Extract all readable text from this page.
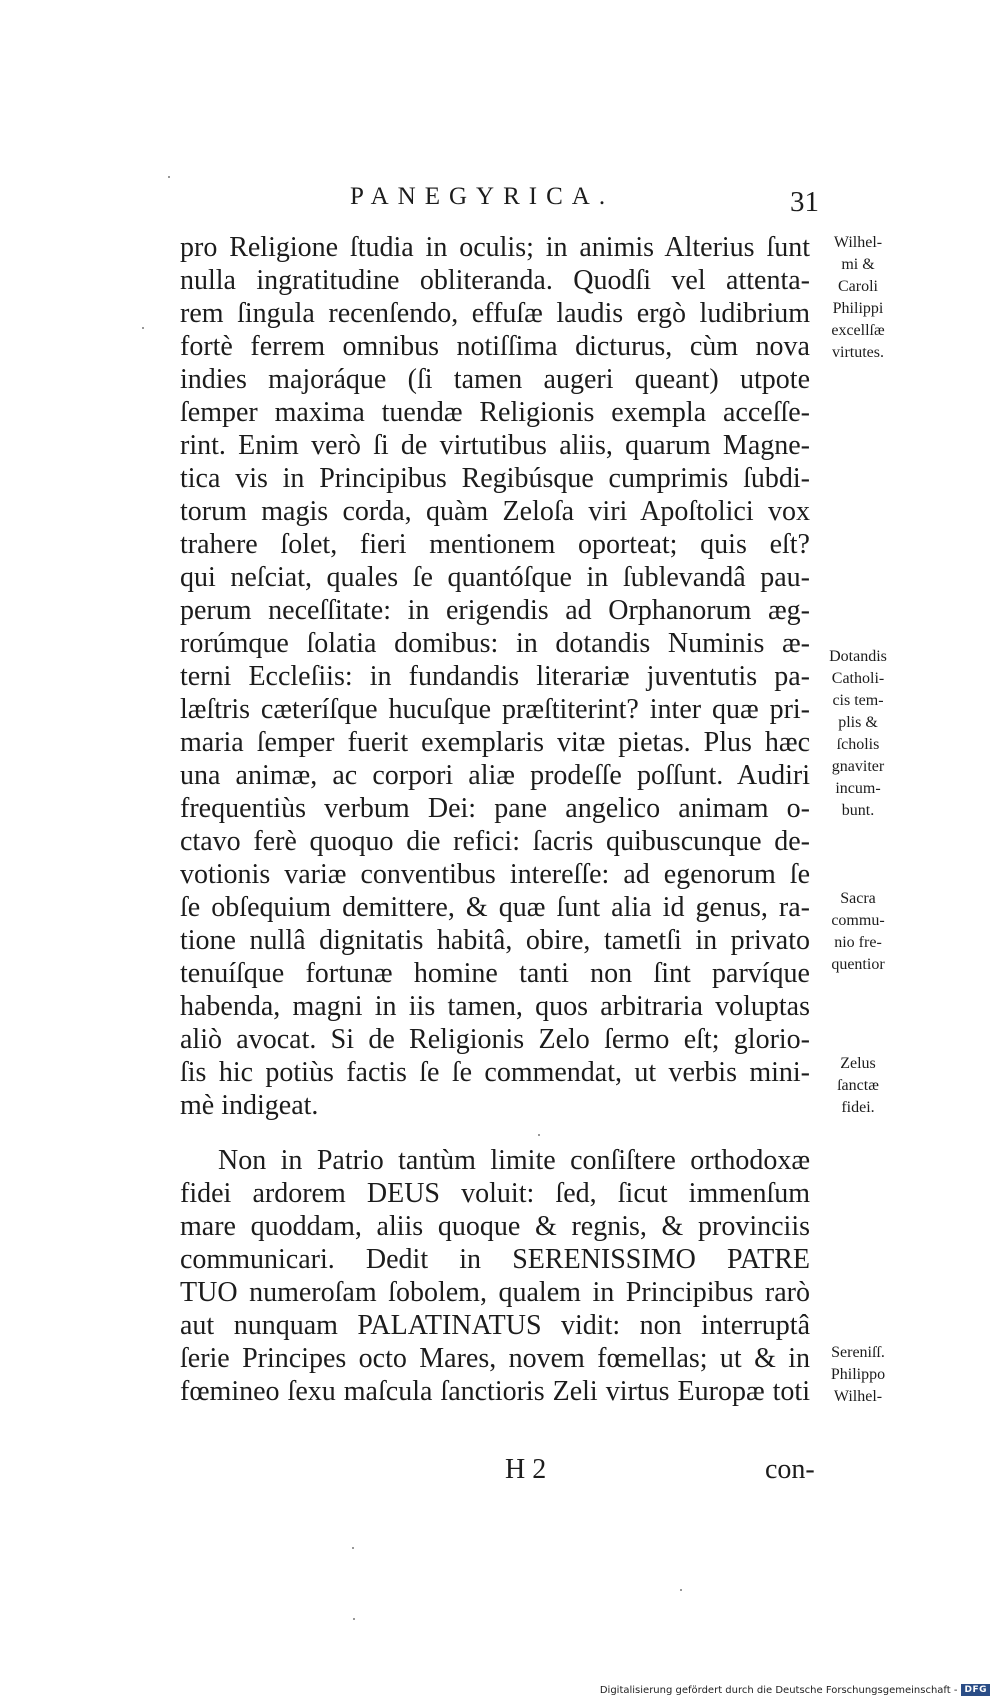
PANEGYRICA.	31
pro Religione ſtudia in oculis; in animis Alterius ſunt
nulla ingratitudine obliteranda. Quodſi vel attenta-
rem ſingula recenſendo, effuſæ laudis ergò ludibrium
fortè ferrem omnibus notiſſima dicturus, cùm nova
indies majoráque (ſi tamen augeri queant) utpote
ſemper maxima tuendæ Religionis exempla acceſſe-
rint. Enim verò ſi de virtutibus aliis, quarum Magne-
tica vis in Principibus Regibúsque cumprimis ſubdi-
torum magis corda, quàm Zeloſa viri Apoſtolici vox
trahere ſolet, fieri mentionem oporteat; quis eſt?
qui neſciat, quales ſe quantóſque in ſublevandâ pau-
perum neceſſitate: in erigendis ad Orphanorum æg-
rorúmque ſolatia domibus: in dotandis Numinis æ-
terni Eccleſiis: in fundandis literariæ juventutis pa-
læſtris cæteríſque hucuſque præſtiterint? inter quæ pri-
maria ſemper fuerit exemplaris vitæ pietas. Plus hæc
una animæ, ac corpori aliæ prodeſſe poſſunt. Audiri
frequentiùs verbum Dei: pane angelico animam o-
ctavo ferè quoquo die refici: ſacris quibuscunque de-
votionis variæ conventibus intereſſe: ad egenorum ſe
ſe obſequium demittere, & quæ ſunt alia id genus, ra-
tione nullâ dignitatis habitâ, obire, tametſi in privato
tenuíſque fortunæ homine tanti non ſint parvíque
habenda, magni in iis tamen, quos arbitraria voluptas
aliò avocat. Si de Religionis Zelo ſermo eſt; glorio-
ſis hic potiùs factis ſe ſe commendat, ut verbis mini-
mè indigeat.
Non in Patrio tantùm limite conſiſtere orthodoxæ
fidei ardorem DEUS voluit: ſed, ſicut immenſum
mare quoddam, aliis quoque & regnis, & provinciis
communicari. Dedit in SERENISSIMO PATRE
TUO numeroſam ſobolem, qualem in Principibus rarò
aut nunquam PALATINATUS vidit: non interruptâ
ſerie Principes octo Mares, novem fœmellas; ut & in
fœmineo ſexu maſcula ſanctioris Zeli virtus Europæ toti
Wilhel-
mi &
Caroli
Philippi
excellſæ
virtutes.
Dotandis
Catholi-
cis tem-
plis &
ſcholis
gnaviter
incum-
bunt.
Sacra
commu-
nio fre-
quentior
Zelus
ſanctæ
fidei.
Sereniſſ.
Philippo
Wilhel-
H 2	con-
Digitalisierung gefördert durch die Deutsche Forschungsgemeinschaft - DFG
